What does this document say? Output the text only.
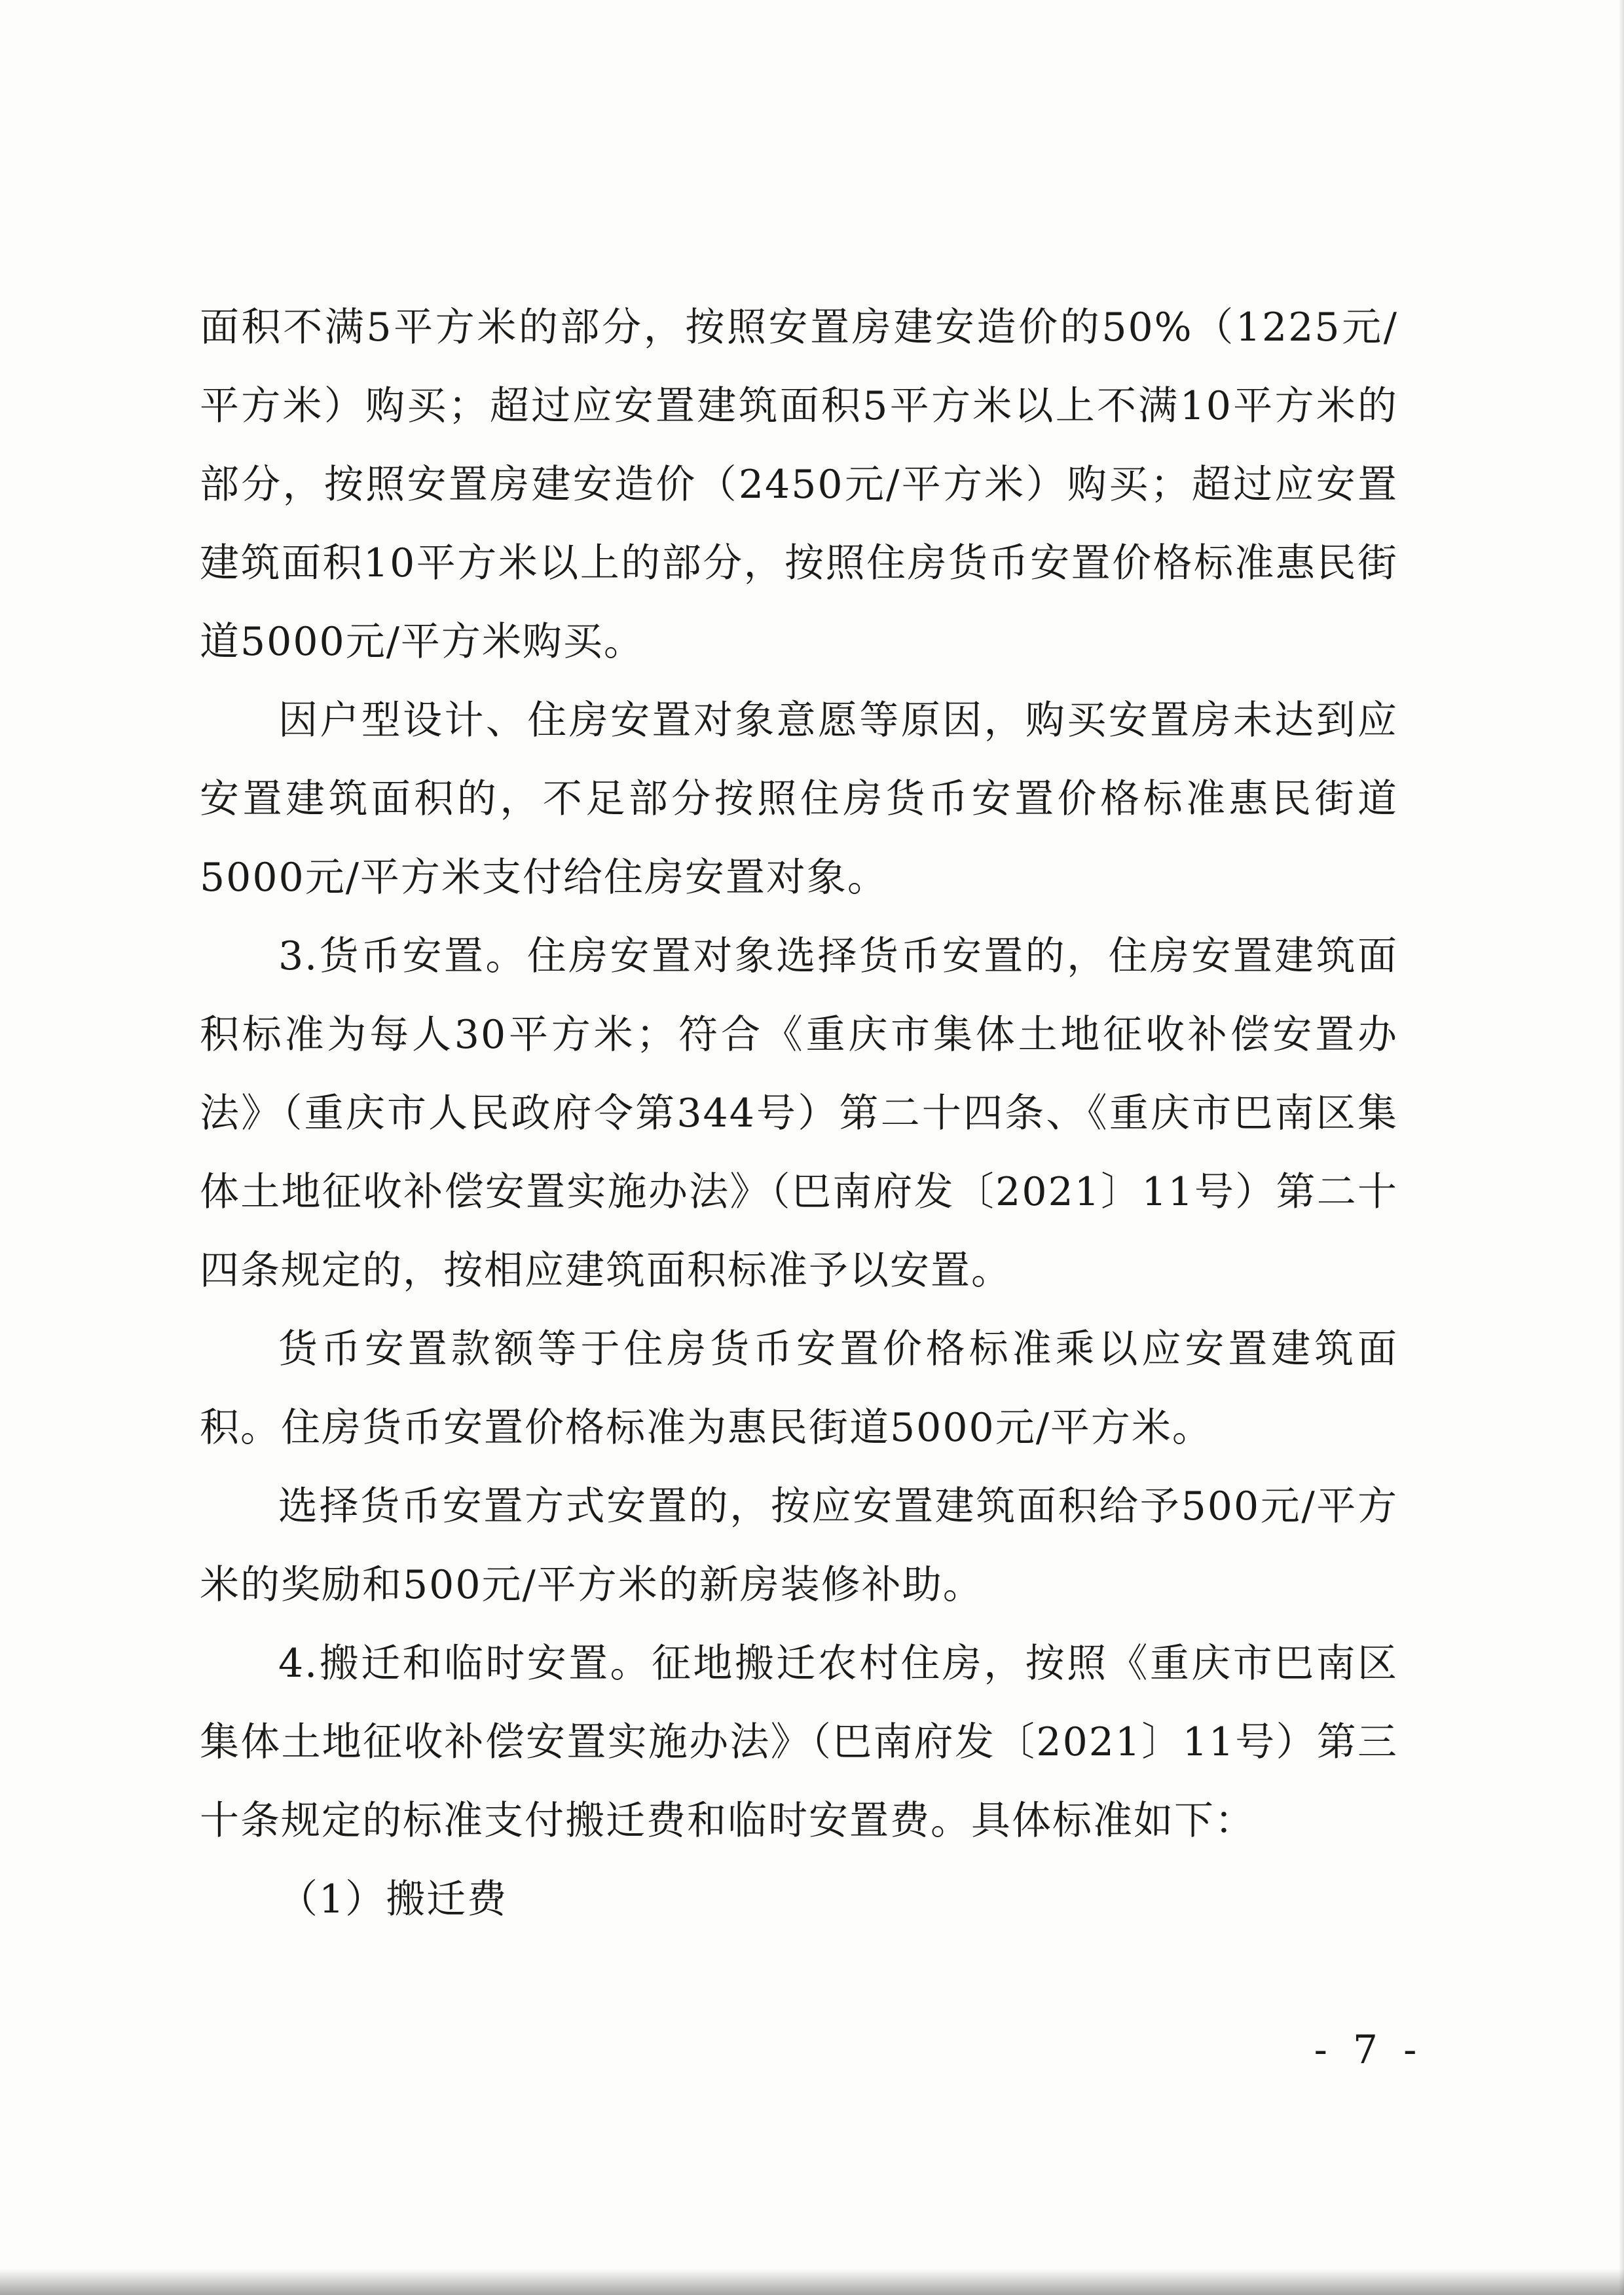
面积不满5平方米的部分，按照安置房建安造价的50%（1225元/平方米）购买；超过应安置建筑面积5平方米以上不满10平方米的部分，按照安置房建安造价（2450元/平方米）购买；超过应安置建筑面积10平方米以上的部分，按照住房货币安置价格标准惠民街道5000元/平方米购买。

因户型设计、住房安置对象意愿等原因，购买安置房未达到应安置建筑面积的，不足部分按照住房货币安置价格标准惠民街道5000元/平方米支付给住房安置对象。

3.货币安置。住房安置对象选择货币安置的，住房安置建筑面积标准为每人30平方米；符合《重庆市集体土地征收补偿安置办法》（重庆市人民政府令第344号）第二十四条、《重庆市巴南区集体土地征收补偿安置实施办法》（巴南府发〔2021〕11号）第二十四条规定的，按相应建筑面积标准予以安置。

货币安置款额等于住房货币安置价格标准乘以应安置建筑面积。住房货币安置价格标准为惠民街道5000元/平方米。

选择货币安置方式安置的，按应安置建筑面积给予500元/平方米的奖励和500元/平方米的新房装修补助。

4.搬迁和临时安置。征地搬迁农村住房，按照《重庆市巴南区集体土地征收补偿安置实施办法》（巴南府发〔2021〕11号）第三十条规定的标准支付搬迁费和临时安置费。具体标准如下：

（1）搬迁费

- 7 -
